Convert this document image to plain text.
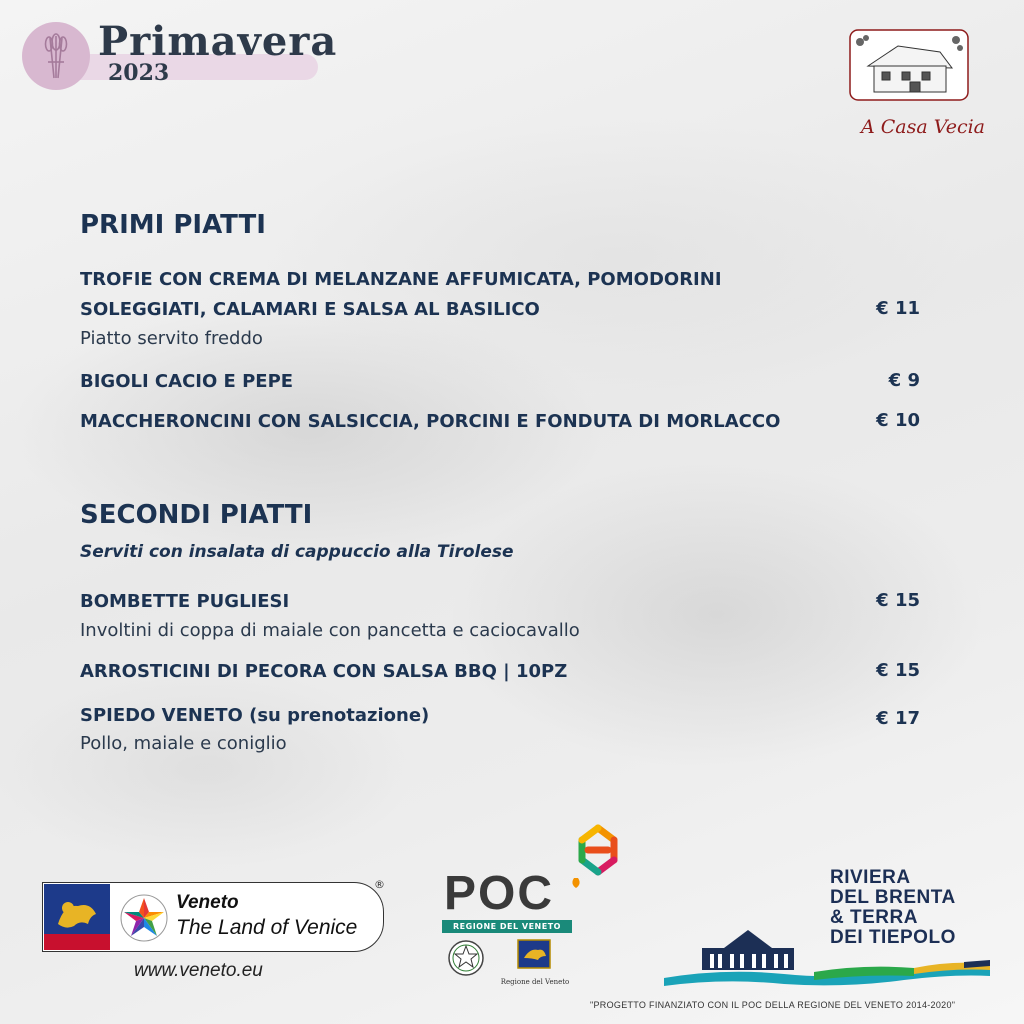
Primavera
2023
A Casa Vecia
PRIMI PIATTI
TROFIE CON CREMA DI MELANZANE AFFUMICATA, POMODORINI
SOLEGGIATI, CALAMARI E SALSA AL BASILICO	€ 11
Piatto servito freddo
BIGOLI CACIO E PEPE	€ 9
MACCHERONCINI CON SALSICCIA, PORCINI E FONDUTA DI MORLACCO	€ 10
SECONDI PIATTI
Serviti con insalata di cappuccio alla Tirolese
BOMBETTE PUGLIESI	€ 15
Involtini di coppa di maiale con pancetta e caciocavallo
ARROSTICINI DI PECORA CON SALSA BBQ | 10PZ	€ 15
SPIEDO VENETO (su prenotazione)	€ 17
Pollo, maiale e coniglio
Veneto
The Land of Venice
®
www.veneto.eu
POC
REGIONE DEL VENETO
Regione del Veneto
RIVIERA
DEL BRENTA
& TERRA
DEI TIEPOLO
"PROGETTO FINANZIATO CON IL POC DELLA REGIONE DEL VENETO 2014-2020"
